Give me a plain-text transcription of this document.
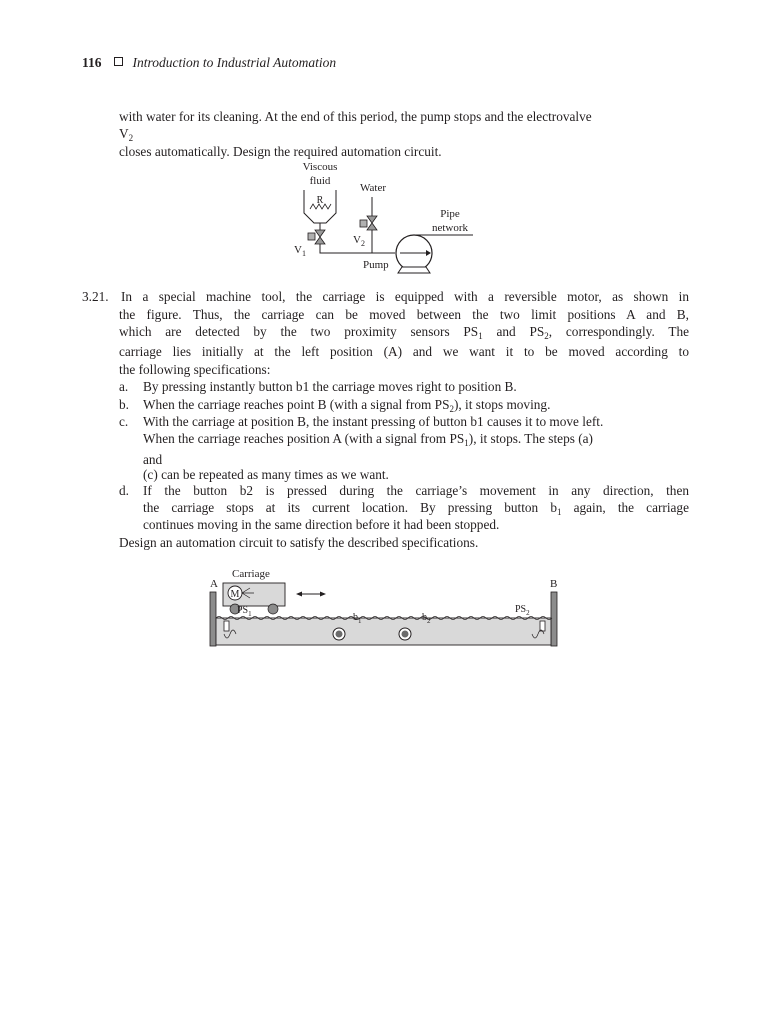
116 Introduction to Industrial Automation
with water for its cleaning. At the end of this period, the pump stops and the electrovalve
$V_2$
closes automatically. Design the required automation circuit.
Viscous
fluid
R
$V_1$
Water
$V_2$
Pump
Pipe
network
3.21. In a special machine tool, the carriage is equipped with a reversible motor, as shown in
the figure. Thus, the carriage can be moved between the two limit positions A and B,
which are detected by the two proximity sensors $PS_1$ and $PS_2$, correspondingly. The
carriage lies initially at the left position (A) and we want it to be moved according to
the following specifications:
a. By pressing instantly button b1 the carriage moves right to position B.
b. When the carriage reaches point B (with a signal from $PS_2$), it stops moving.
c. With the carriage at position B, the instant pressing of button b1 causes it to move left.
When the carriage reaches position A (with a signal from $PS_1$), it stops. The steps (a)
and
(c) can be repeated as many times as we want.
d. If the button b2 is pressed during the carriage’s movement in any direction, then
the carriage stops at its current location. By pressing button $b_1$ again, the carriage
continues moving in the same direction before it had been stopped.
Design an automation circuit to satisfy the described specifications.
Carriage
A	B
M
$PS_1$	$PS_2$
$b_1$	$b_2$
